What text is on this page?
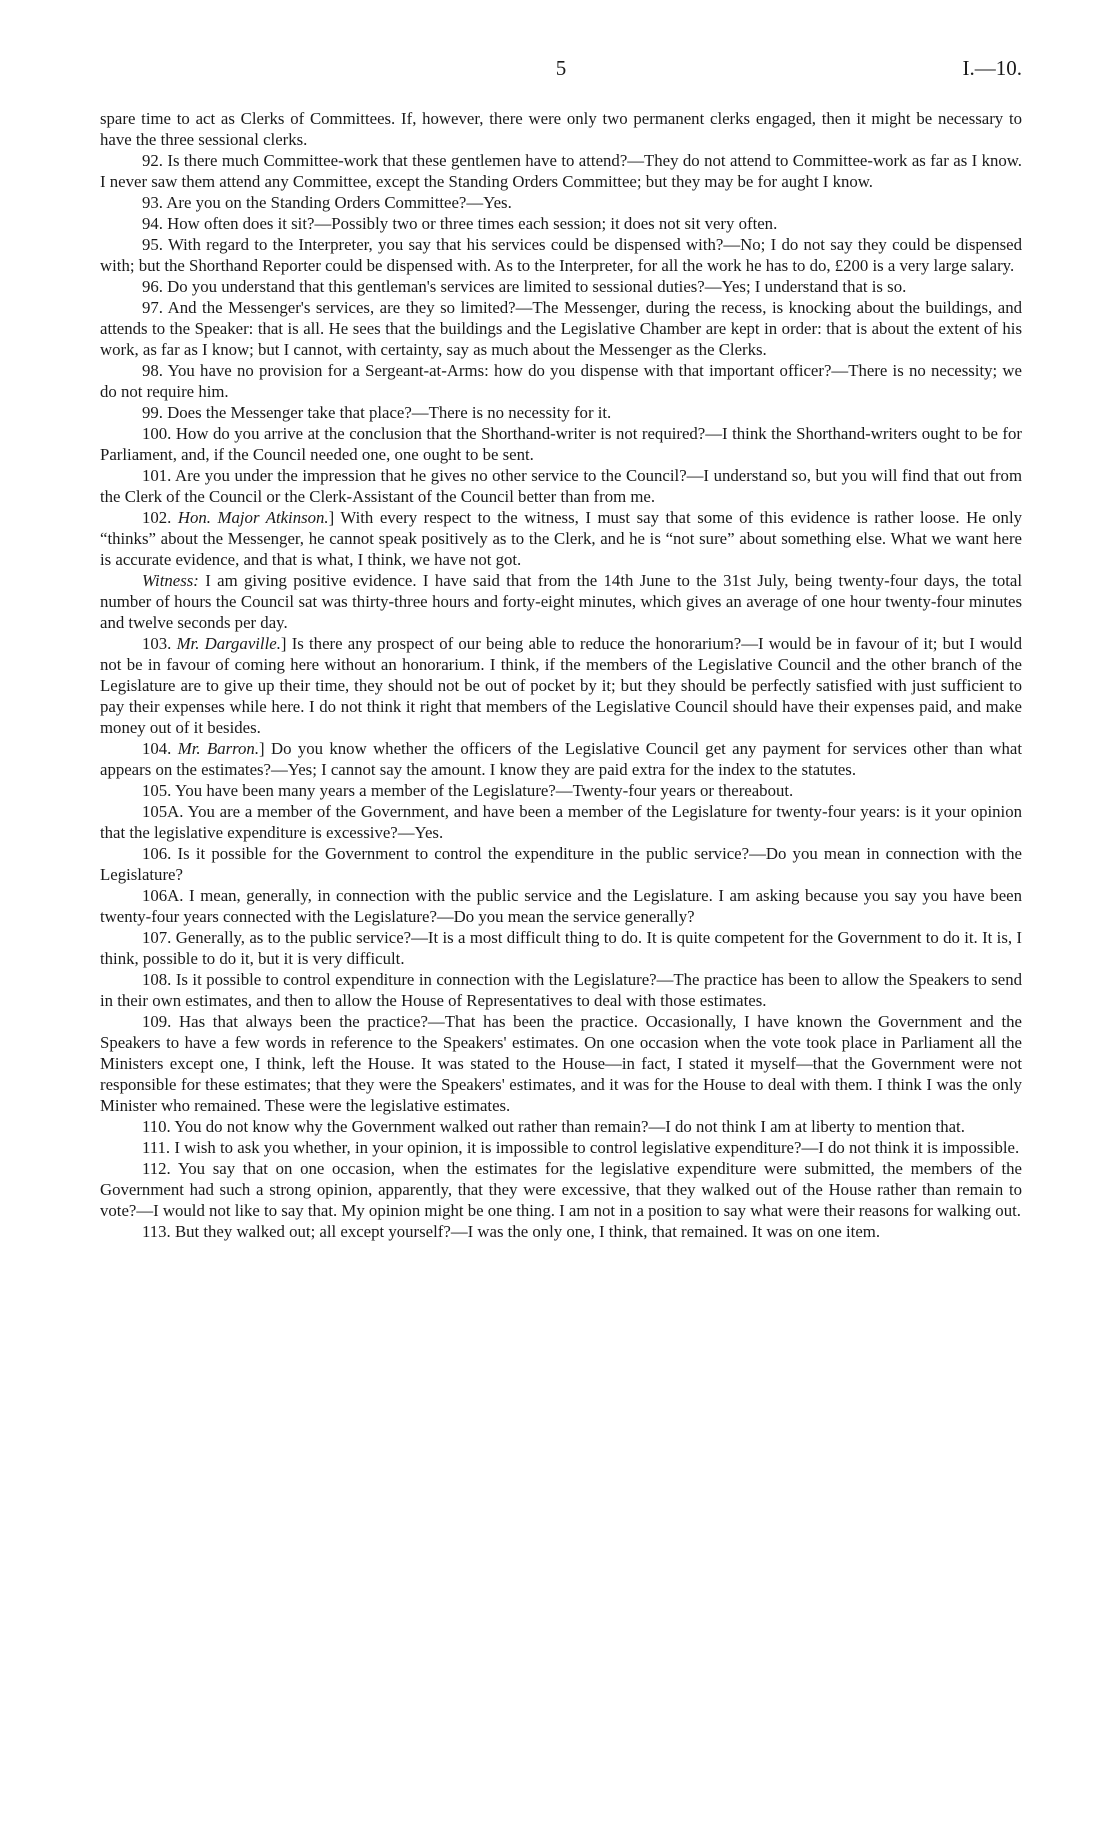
5	I.—10.

spare time to act as Clerks of Committees. If, however, there were only two permanent clerks engaged, then it might be necessary to have the three sessional clerks.

92. Is there much Committee-work that these gentlemen have to attend?—They do not attend to Committee-work as far as I know. I never saw them attend any Committee, except the Standing Orders Committee; but they may be for aught I know.

93. Are you on the Standing Orders Committee?—Yes.

94. How often does it sit?—Possibly two or three times each session; it does not sit very often.

95. With regard to the Interpreter, you say that his services could be dispensed with?—No; I do not say they could be dispensed with; but the Shorthand Reporter could be dispensed with. As to the Interpreter, for all the work he has to do, £200 is a very large salary.

96. Do you understand that this gentleman's services are limited to sessional duties?—Yes; I understand that is so.

97. And the Messenger's services, are they so limited?—The Messenger, during the recess, is knocking about the buildings, and attends to the Speaker: that is all. He sees that the buildings and the Legislative Chamber are kept in order: that is about the extent of his work, as far as I know; but I cannot, with certainty, say as much about the Messenger as the Clerks.

98. You have no provision for a Sergeant-at-Arms: how do you dispense with that important officer?—There is no necessity; we do not require him.

99. Does the Messenger take that place?—There is no necessity for it.

100. How do you arrive at the conclusion that the Shorthand-writer is not required?—I think the Shorthand-writers ought to be for Parliament, and, if the Council needed one, one ought to be sent.

101. Are you under the impression that he gives no other service to the Council?—I understand so, but you will find that out from the Clerk of the Council or the Clerk-Assistant of the Council better than from me.

102. Hon. Major Atkinson.] With every respect to the witness, I must say that some of this evidence is rather loose. He only “thinks” about the Messenger, he cannot speak positively as to the Clerk, and he is “not sure” about something else. What we want here is accurate evidence, and that is what, I think, we have not got.

Witness: I am giving positive evidence. I have said that from the 14th June to the 31st July, being twenty-four days, the total number of hours the Council sat was thirty-three hours and forty-eight minutes, which gives an average of one hour twenty-four minutes and twelve seconds per day.

103. Mr. Dargaville.] Is there any prospect of our being able to reduce the honorarium?—I would be in favour of it; but I would not be in favour of coming here without an honorarium. I think, if the members of the Legislative Council and the other branch of the Legislature are to give up their time, they should not be out of pocket by it; but they should be perfectly satisfied with just sufficient to pay their expenses while here. I do not think it right that members of the Legislative Council should have their expenses paid, and make money out of it besides.

104. Mr. Barron.] Do you know whether the officers of the Legislative Council get any payment for services other than what appears on the estimates?—Yes; I cannot say the amount. I know they are paid extra for the index to the statutes.

105. You have been many years a member of the Legislature?—Twenty-four years or thereabout.

105A. You are a member of the Government, and have been a member of the Legislature for twenty-four years: is it your opinion that the legislative expenditure is excessive?—Yes.

106. Is it possible for the Government to control the expenditure in the public service?—Do you mean in connection with the Legislature?

106A. I mean, generally, in connection with the public service and the Legislature. I am asking because you say you have been twenty-four years connected with the Legislature?—Do you mean the service generally?

107. Generally, as to the public service?—It is a most difficult thing to do. It is quite competent for the Government to do it. It is, I think, possible to do it, but it is very difficult.

108. Is it possible to control expenditure in connection with the Legislature?—The practice has been to allow the Speakers to send in their own estimates, and then to allow the House of Representatives to deal with those estimates.

109. Has that always been the practice?—That has been the practice. Occasionally, I have known the Government and the Speakers to have a few words in reference to the Speakers' estimates. On one occasion when the vote took place in Parliament all the Ministers except one, I think, left the House. It was stated to the House—in fact, I stated it myself—that the Government were not responsible for these estimates; that they were the Speakers' estimates, and it was for the House to deal with them. I think I was the only Minister who remained. These were the legislative estimates.

110. You do not know why the Government walked out rather than remain?—I do not think I am at liberty to mention that.

111. I wish to ask you whether, in your opinion, it is impossible to control legislative expenditure?—I do not think it is impossible.

112. You say that on one occasion, when the estimates for the legislative expenditure were submitted, the members of the Government had such a strong opinion, apparently, that they were excessive, that they walked out of the House rather than remain to vote?—I would not like to say that. My opinion might be one thing. I am not in a position to say what were their reasons for walking out.

113. But they walked out; all except yourself?—I was the only one, I think, that remained. It was on one item.
